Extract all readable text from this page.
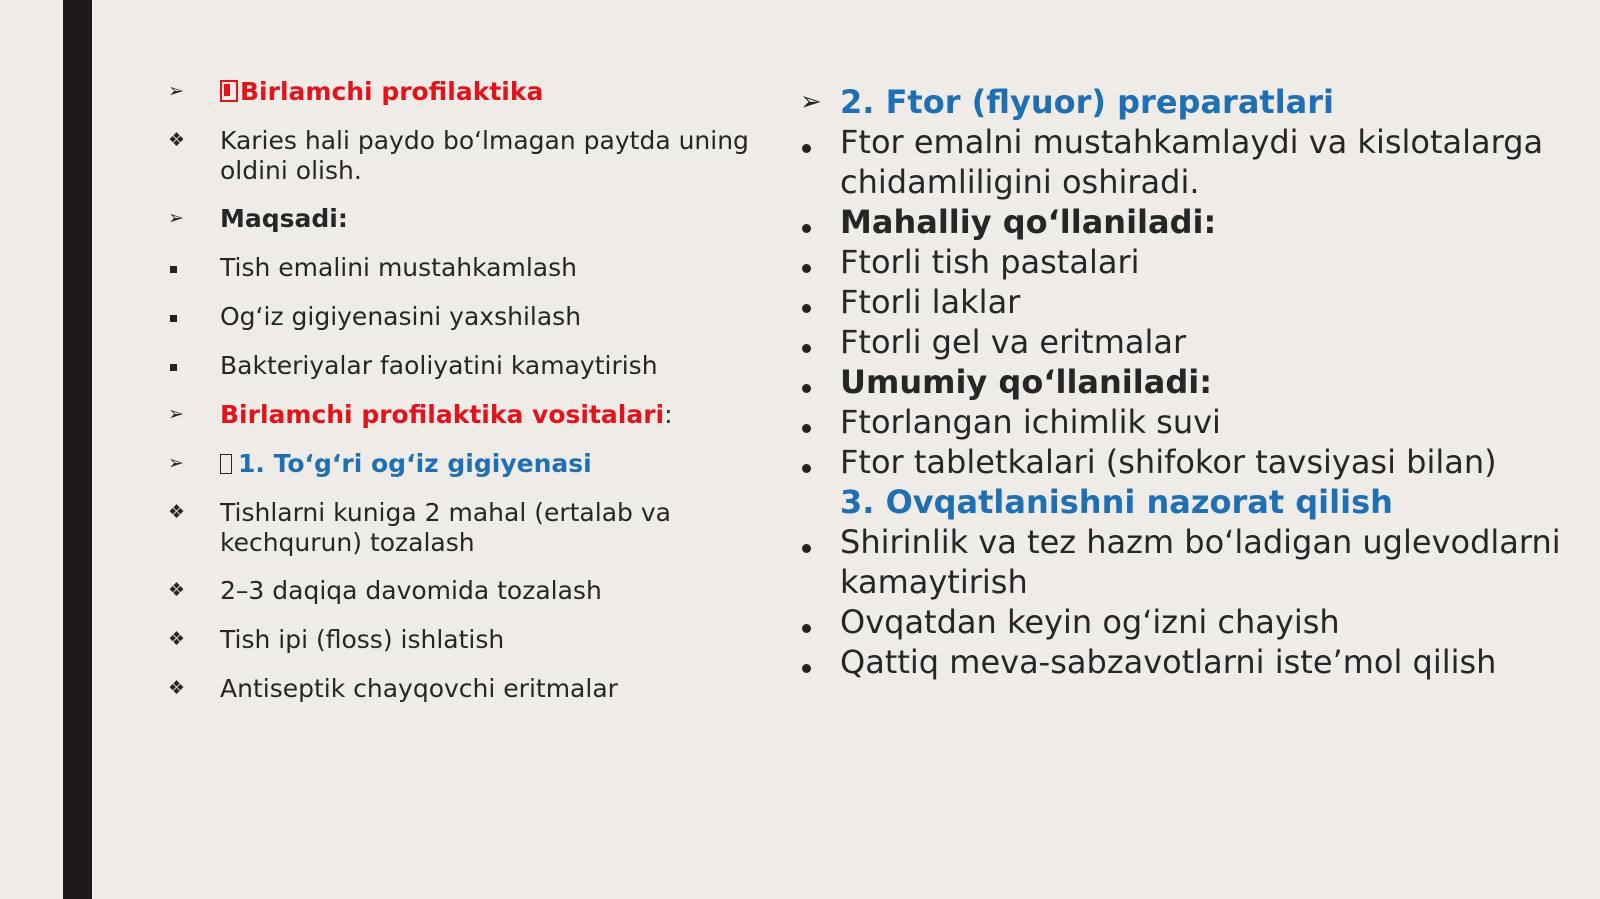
➢	Birlamchi profilaktika
❖	Karies hali paydo bo‘lmagan paytda uning oldini olish.
➢	Maqsadi:
Tish emalini mustahkamlash
Og‘iz gigiyenasini yaxshilash
Bakteriyalar faoliyatini kamaytirish
➢	Birlamchi profilaktika vositalari:
➢	1. To‘g‘ri og‘iz gigiyenasi
❖	Tishlarni kuniga 2 mahal (ertalab va kechqurun) tozalash
❖	2–3 daqiqa davomida tozalash
❖	Tish ipi (floss) ishlatish
❖	Antiseptik chayqovchi eritmalar
➢ 2. Ftor (flyuor) preparatlari
Ftor emalni mustahkamlaydi va kislotalarga chidamliligini oshiradi.
Mahalliy qo‘llaniladi:
Ftorli tish pastalari
Ftorli laklar
Ftorli gel va eritmalar
Umumiy qo‘llaniladi:
Ftorlangan ichimlik suvi
Ftor tabletkalari (shifokor tavsiyasi bilan)
3. Ovqatlanishni nazorat qilish
Shirinlik va tez hazm bo‘ladigan uglevodlarni kamaytirish
Ovqatdan keyin og‘izni chayish
Qattiq meva-sabzavotlarni iste’mol qilish
